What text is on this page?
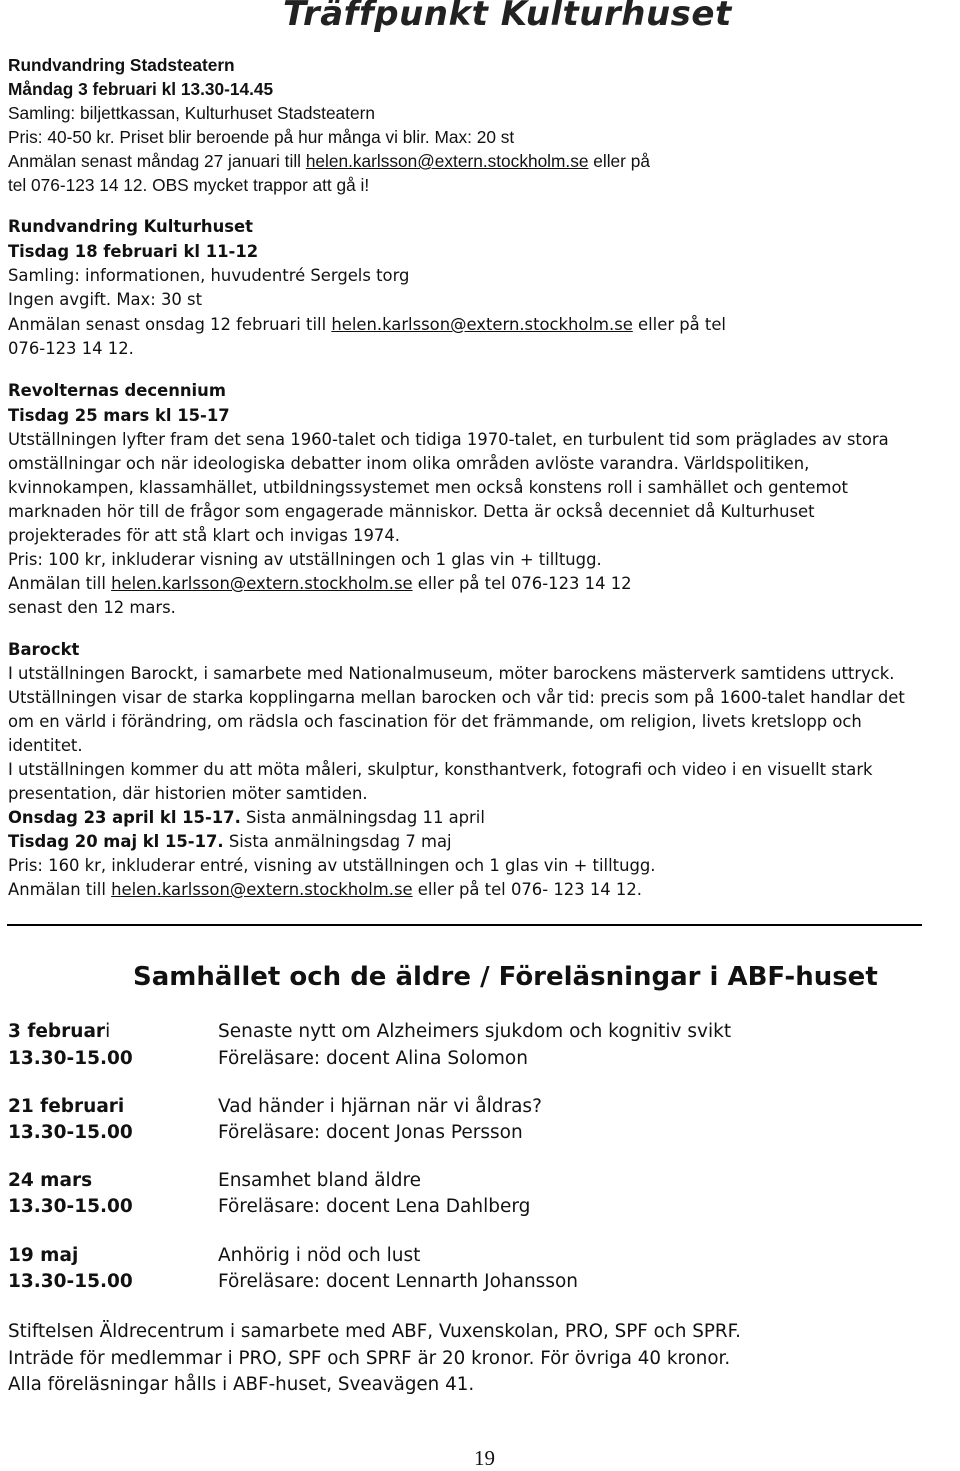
Träffpunkt Kulturhuset
Rundvandring Stadsteatern
Måndag 3 februari kl 13.30-14.45
Samling: biljettkassan, Kulturhuset Stadsteatern
Pris: 40-50 kr. Priset blir beroende på hur många vi blir. Max: 20 st
Anmälan senast måndag 27 januari till helen.karlsson@extern.stockholm.se eller på
tel 076-123 14 12. OBS mycket trappor att gå i!
Rundvandring Kulturhuset
Tisdag 18 februari kl 11-12
Samling: informationen, huvudentré Sergels torg
Ingen avgift. Max: 30 st
Anmälan senast onsdag 12 februari till helen.karlsson@extern.stockholm.se eller på tel
076-123 14 12.
Revolternas decennium
Tisdag 25 mars kl 15-17
Utställningen lyfter fram det sena 1960-talet och tidiga 1970-talet, en turbulent tid som präglades av stora
omställningar och när ideologiska debatter inom olika områden avlöste varandra. Världspolitiken,
kvinnokampen, klassamhället, utbildningssystemet men också konstens roll i samhället och gentemot
marknaden hör till de frågor som engagerade människor. Detta är också decenniet då Kulturhuset
projekterades för att stå klart och invigas 1974.
Pris: 100 kr, inkluderar visning av utställningen och 1 glas vin + tilltugg.
Anmälan till helen.karlsson@extern.stockholm.se eller på tel 076-123 14 12
senast den 12 mars.
Barockt
I utställningen Barockt, i samarbete med Nationalmuseum, möter barockens mästerverk samtidens uttryck.
Utställningen visar de starka kopplingarna mellan barocken och vår tid: precis som på 1600-talet handlar det
om en värld i förändring, om rädsla och fascination för det främmande, om religion, livets kretslopp och
identitet.
I utställningen kommer du att möta måleri, skulptur, konsthantverk, fotografi och video i en visuellt stark
presentation, där historien möter samtiden.
Onsdag 23 april kl 15-17. Sista anmälningsdag 11 april
Tisdag 20 maj kl 15-17. Sista anmälningsdag 7 maj
Pris: 160 kr, inkluderar entré, visning av utställningen och 1 glas vin + tilltugg.
Anmälan till helen.karlsson@extern.stockholm.se eller på tel 076- 123 14 12.
Samhället och de äldre / Föreläsningar i ABF-huset
3 februari	Senaste nytt om Alzheimers sjukdom och kognitiv svikt
13.30-15.00	Föreläsare: docent Alina Solomon
21 februari	Vad händer i hjärnan när vi åldras?
13.30-15.00	Föreläsare: docent Jonas Persson
24 mars	Ensamhet bland äldre
13.30-15.00	Föreläsare: docent Lena Dahlberg
19 maj	Anhörig i nöd och lust
13.30-15.00	Föreläsare: docent Lennarth Johansson
Stiftelsen Äldrecentrum i samarbete med ABF, Vuxenskolan, PRO, SPF och SPRF.
Inträde för medlemmar i PRO, SPF och SPRF är 20 kronor. För övriga 40 kronor.
Alla föreläsningar hålls i ABF-huset, Sveavägen 41.
19
